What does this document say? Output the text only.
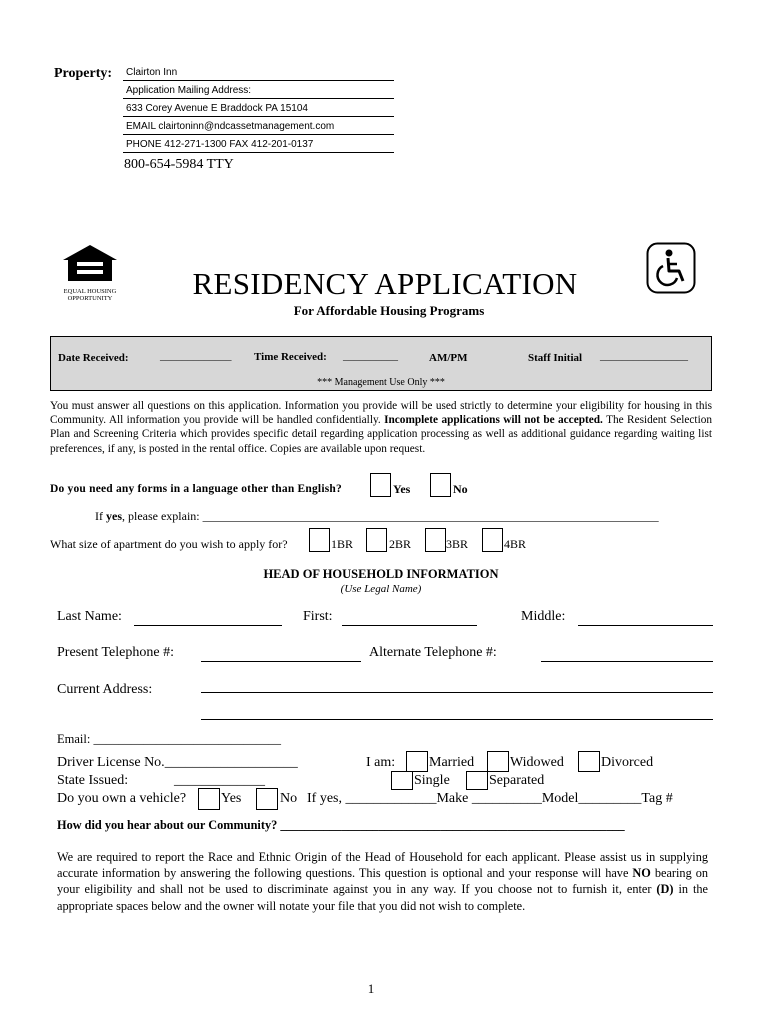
Property:	Clairton Inn
Application Mailing Address:
633 Corey Avenue E Braddock PA 15104
EMAIL clairtoninn@ndcassetmanagement.com
PHONE 412-271-1300 FAX 412-201-0137
800-654-5984 TTY
EQUAL HOUSING
OPPORTUNITY	RESIDENCY APPLICATION
For Affordable Housing Programs
Date Received:	_____________ Time Received: __________	AM/PM	Staff Initial ________________
*** Management Use Only ***
You must answer all questions on this application. Information you provide will be used strictly to determine your eligibility for housing in this Community. All information you provide will be handled confidentially. Incomplete applications will not be accepted. The Resident Selection Plan and Screening Criteria which provides specific detail regarding application processing as well as additional guidance regarding waiting list preferences, if any, is posted in the rental office. Copies are available upon request.
Do you need any forms in a language other than English?	Yes	No
If yes, please explain: ____________________________________________________________________________
What size of apartment do you wish to apply for?	1BR	2BR	3BR	4BR
HEAD OF HOUSEHOLD INFORMATION
(Use Legal Name)
Last Name:	First:	Middle:
Present Telephone #:	Alternate Telephone #:
Current Address:
Email: ______________________________
Driver License No.___________________
State Issued:	_____________
I am: Married	Widowed	Divorced
Single	Separated
Do you own a vehicle? Yes	No If yes, _____________Make __________Model_________Tag #
How did you hear about our Community? ________________________________________________________
We are required to report the Race and Ethnic Origin of the Head of Household for each applicant. Please assist us in supplying accurate information by answering the following questions. This question is optional and your response will have NO bearing on your eligibility and shall not be used to discriminate against you in any way. If you choose not to furnish it, enter (D) in the appropriate spaces below and the owner will notate your file that you did not wish to complete.
1
